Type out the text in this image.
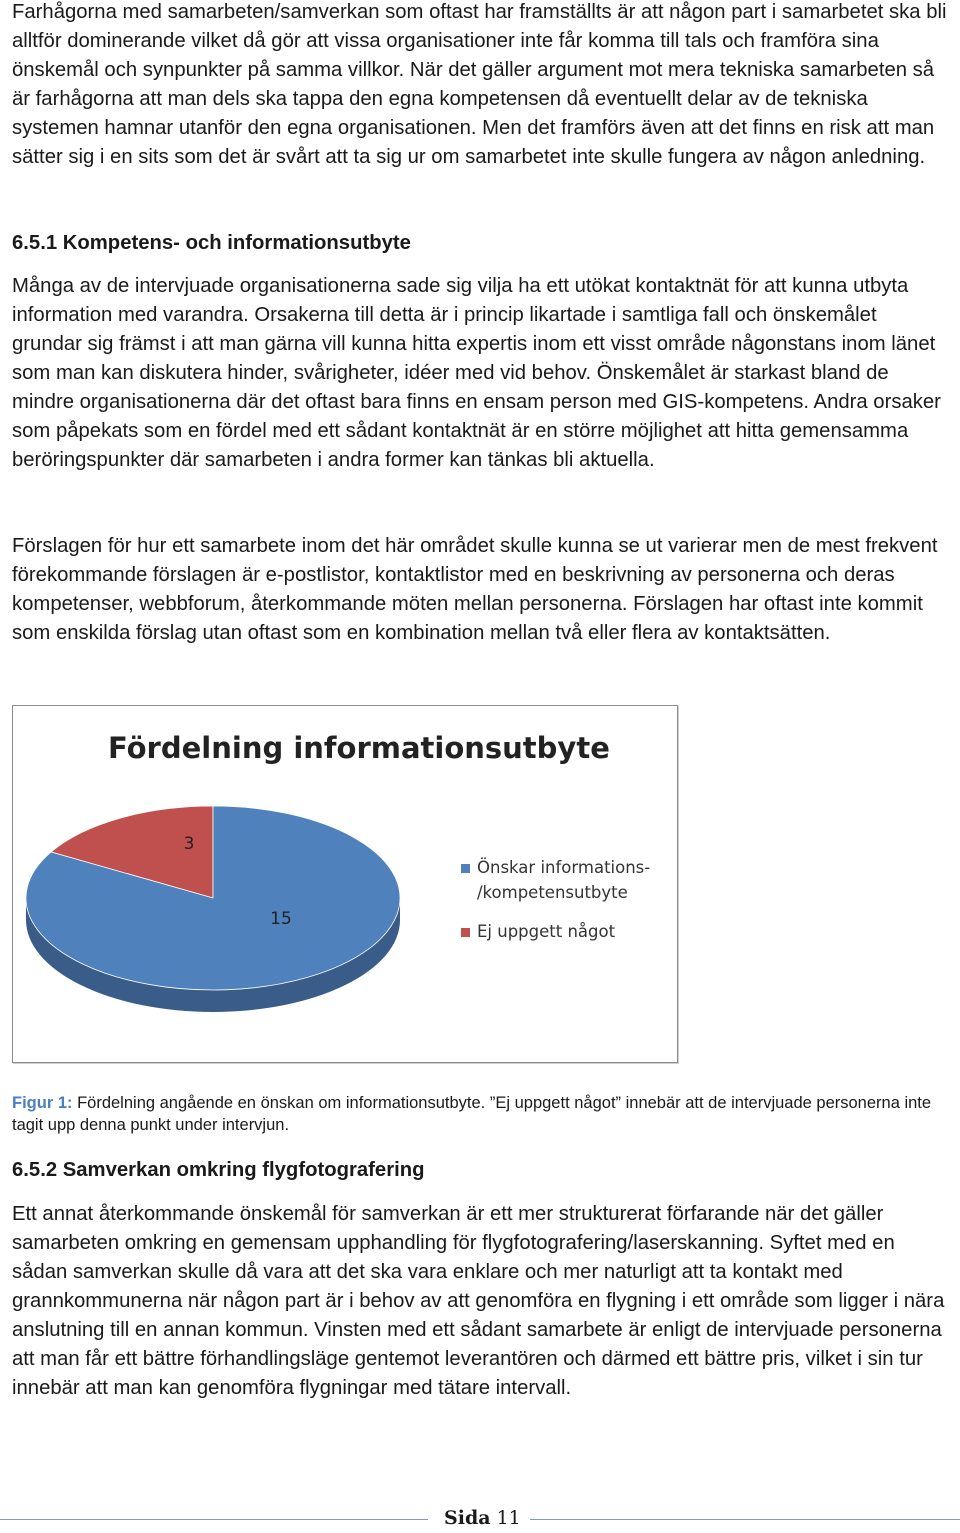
Farhågorna med samarbeten/samverkan som oftast har framställts är att någon part i samarbetet ska bli alltför dominerande vilket då gör att vissa organisationer inte får komma till tals och framföra sina önskemål och synpunkter på samma villkor. När det gäller argument mot mera tekniska samarbeten så är farhågorna att man dels ska tappa den egna kompetensen då eventuellt delar av de tekniska systemen hamnar utanför den egna organisationen. Men det framförs även att det finns en risk att man sätter sig i en sits som det är svårt att ta sig ur om samarbetet inte skulle fungera av någon anledning.

6.5.1 Kompetens- och informationsutbyte

Många av de intervjuade organisationerna sade sig vilja ha ett utökat kontaktnät för att kunna utbyta information med varandra. Orsakerna till detta är i princip likartade i samtliga fall och önskemålet grundar sig främst i att man gärna vill kunna hitta expertis inom ett visst område någonstans inom länet som man kan diskutera hinder, svårigheter, idéer med vid behov. Önskemålet är starkast bland de mindre organisationerna där det oftast bara finns en ensam person med GIS-kompetens. Andra orsaker som påpekats som en fördel med ett sådant kontaktnät är en större möjlighet att hitta gemensamma beröringspunkter där samarbeten i andra former kan tänkas bli aktuella.

Förslagen för hur ett samarbete inom det här området skulle kunna se ut varierar men de mest frekvent förekommande förslagen är e-postlistor, kontaktlistor med en beskrivning av personerna och deras kompetenser, webbforum, återkommande möten mellan personerna. Förslagen har oftast inte kommit som enskilda förslag utan oftast som en kombination mellan två eller flera av kontaktsätten.

Fördelning informationsutbyte
3
15
Önskar informations-
/kompetensutbyte
Ej uppgett något

Figur 1: Fördelning angående en önskan om informationsutbyte. ”Ej uppgett något” innebär att de intervjuade personerna inte tagit upp denna punkt under intervjun.

6.5.2 Samverkan omkring flygfotografering

Ett annat återkommande önskemål för samverkan är ett mer strukturerat förfarande när det gäller samarbeten omkring en gemensam upphandling för flygfotografering/laserskanning. Syftet med en sådan samverkan skulle då vara att det ska vara enklare och mer naturligt att ta kontakt med grannkommunerna när någon part är i behov av att genomföra en flygning i ett område som ligger i nära anslutning till en annan kommun. Vinsten med ett sådant samarbete är enligt de intervjuade personerna att man får ett bättre förhandlingsläge gentemot leverantören och därmed ett bättre pris, vilket i sin tur innebär att man kan genomföra flygningar med tätare intervall.

Sida 11
